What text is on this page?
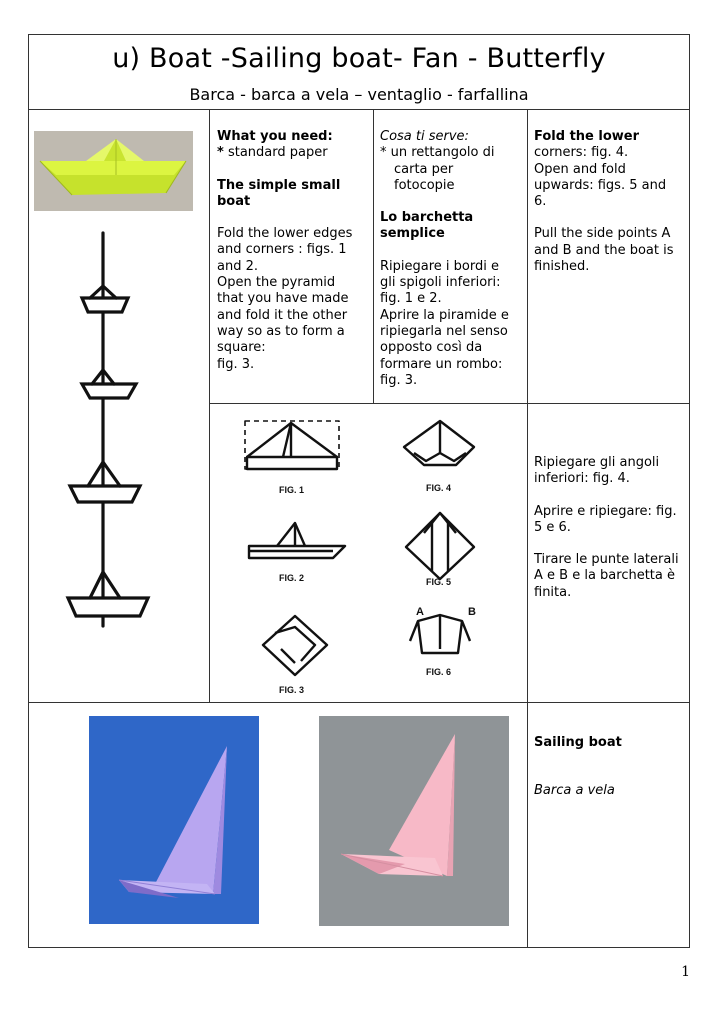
u) Boat -Sailing boat- Fan - Butterfly
Barca - barca a vela – ventaglio - farfallina

What you need:

* standard paper

The simple small

boat

Fold the lower edges

and corners : figs. 1

and 2.

Open the pyramid

that you have made

and fold it the other

way so as to form a

square:

fig. 3.

Cosa ti serve:

* un rettangolo di

carta per

fotocopie

Lo barchetta

semplice

Ripiegare i bordi e

gli spigoli inferiori:

fig. 1 e 2.

Aprire la piramide e

ripiegarla nel senso

opposto così da

formare un rombo:

fig. 3.

Fold the lower

corners: fig. 4.

Open and fold

upwards: figs. 5 and

6.

Pull the side points A

and B and the boat is

finished.

Ripiegare gli angoli

inferiori: fig. 4.

Aprire e ripiegare: fig.

5 e 6.

Tirare le punte laterali

A e B e la barchetta è

finita.

FIG. 1
FIG. 2
FIG. 3
FIG. 4
FIG. 5
FIG. 6
A	B

Sailing boat

Barca a vela

1
